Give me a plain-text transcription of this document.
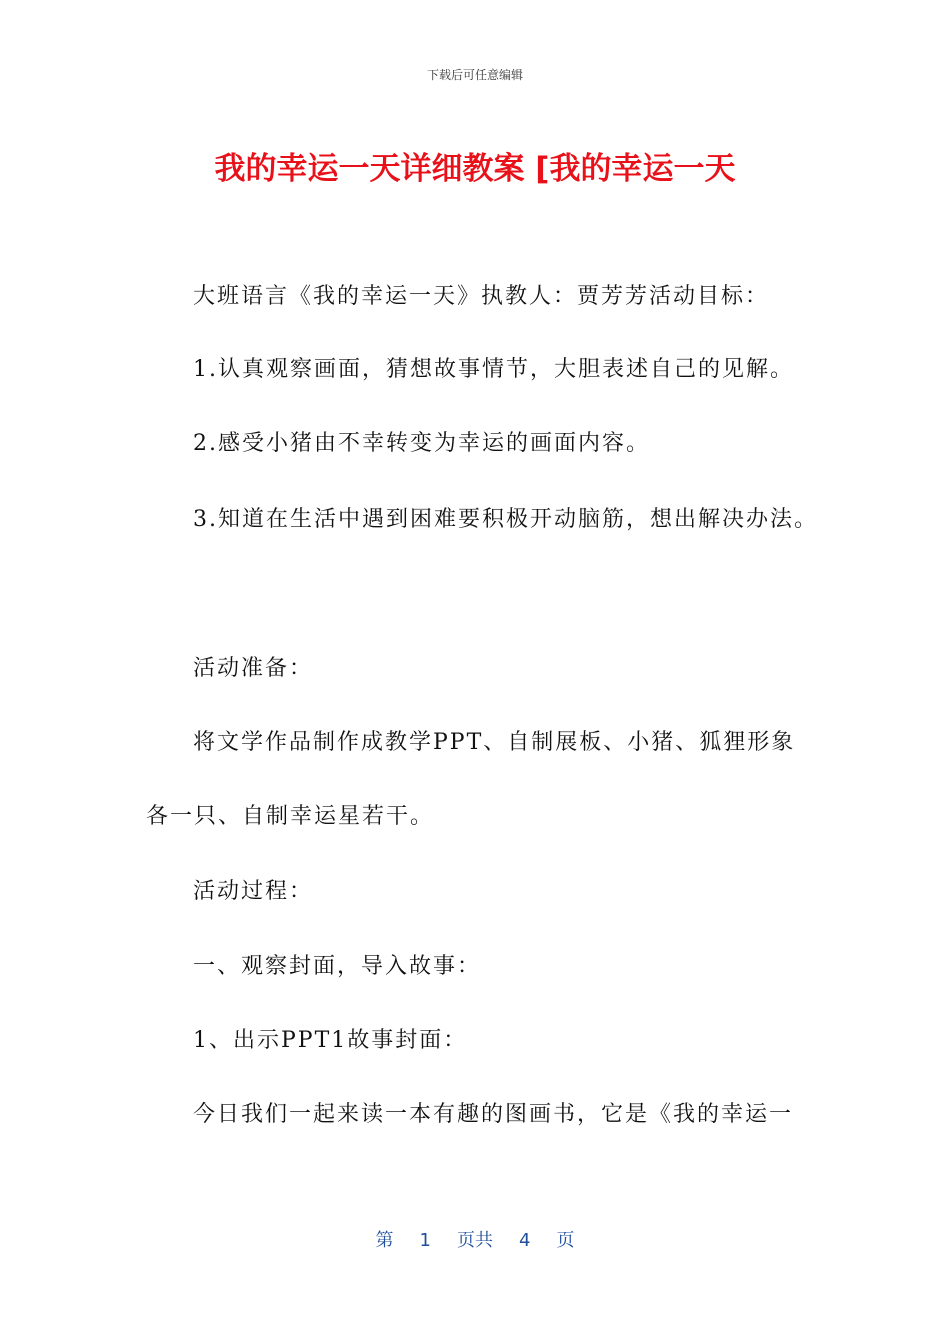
下载后可任意编辑
我的幸运一天详细教案 [我的幸运一天
大班语言《我的幸运一天》执教人：贾芳芳活动目标：
1.认真观察画面，猜想故事情节，大胆表述自己的见解。
2.感受小猪由不幸转变为幸运的画面内容。
3.知道在生活中遇到困难要积极开动脑筋，想出解决办法。
活动准备：
将文学作品制作成教学PPT、自制展板、小猪、狐狸形象
各一只、自制幸运星若干。
活动过程：
一、观察封面，导入故事：
1、出示PPT1故事封面：
今日我们一起来读一本有趣的图画书，它是《我的幸运一
第 1 页共 4 页
